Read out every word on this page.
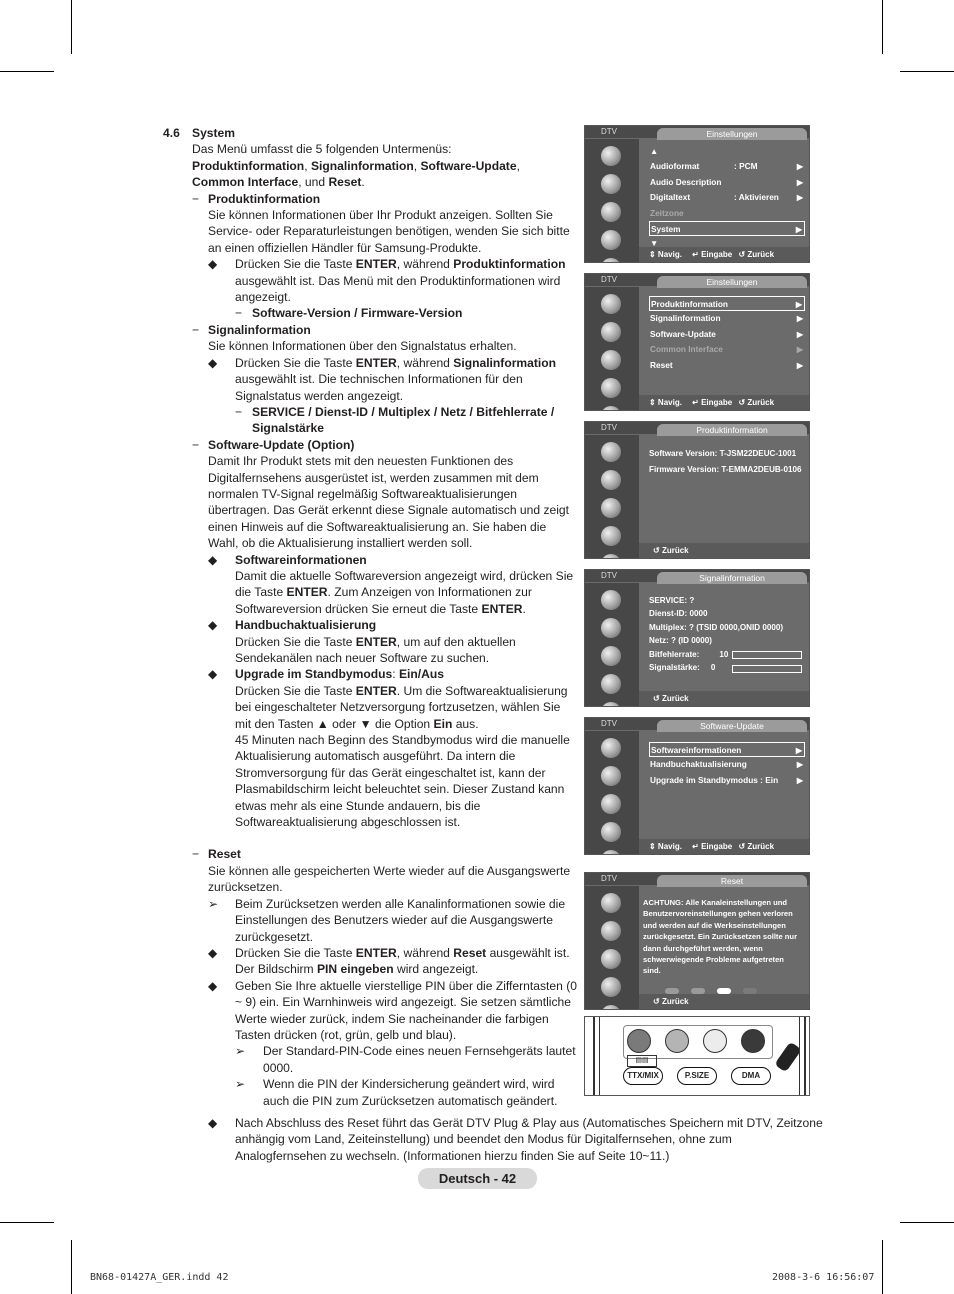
4.6 System

Das Menü umfasst die 5 folgenden Untermenüs:

Produktinformation, Signalinformation, Software-Update,

Common Interface, und Reset.

− Produktinformation
Sie können Informationen über Ihr Produkt anzeigen. Sollten Sie Service- oder Reparaturleistungen benötigen, wenden Sie sich bitte an einen offiziellen Händler für Samsung-Produkte.
◆ Drücken Sie die Taste ENTER, während Produktinformation ausgewählt ist. Das Menü mit den Produktinformationen wird angezeigt.
− Software-Version / Firmware-Version
− Signalinformation
Sie können Informationen über den Signalstatus erhalten.
◆ Drücken Sie die Taste ENTER, während Signalinformation ausgewählt ist. Die technischen Informationen für den Signalstatus werden angezeigt.
− SERVICE / Dienst-ID / Multiplex / Netz / Bitfehlerrate / Signalstärke
− Software-Update (Option)
Damit Ihr Produkt stets mit den neuesten Funktionen des Digitalfernsehens ausgerüstet ist, werden zusammen mit dem normalen TV-Signal regelmäßig Softwareaktualisierungen übertragen. Das Gerät erkennt diese Signale automatisch und zeigt einen Hinweis auf die Softwareaktualisierung an. Sie haben die Wahl, ob die Aktualisierung installiert werden soll.
◆ Softwareinformationen
Damit die aktuelle Softwareversion angezeigt wird, drücken Sie die Taste ENTER. Zum Anzeigen von Informationen zur Softwareversion drücken Sie erneut die Taste ENTER.
◆ Handbuchaktualisierung
Drücken Sie die Taste ENTER, um auf den aktuellen Sendekanälen nach neuer Software zu suchen.
◆ Upgrade im Standbymodus: Ein/Aus
Drücken Sie die Taste ENTER. Um die Softwareaktualisierung bei eingeschalteter Netzversorgung fortzusetzen, wählen Sie mit den Tasten ▲ oder ▼ die Option Ein aus.
45 Minuten nach Beginn des Standbymodus wird die manuelle Aktualisierung automatisch ausgeführt. Da intern die Stromversorgung für das Gerät eingeschaltet ist, kann der Plasmabildschirm leicht beleuchtet sein. Dieser Zustand kann etwas mehr als eine Stunde andauern, bis die Softwareaktualisierung abgeschlossen ist.
− Reset
Sie können alle gespeicherten Werte wieder auf die Ausgangswerte zurücksetzen.
➢ Beim Zurücksetzen werden alle Kanalinformationen sowie die Einstellungen des Benutzers wieder auf die Ausgangswerte zurückgesetzt.
◆ Drücken Sie die Taste ENTER, während Reset ausgewählt ist. Der Bildschirm PIN eingeben wird angezeigt.
◆ Geben Sie Ihre aktuelle vierstellige PIN über die Zifferntasten (0 ~ 9) ein. Ein Warnhinweis wird angezeigt. Sie setzen sämtliche Werte wieder zurück, indem Sie nacheinander die farbigen Tasten drücken (rot, grün, gelb und blau).
➢ Der Standard-PIN-Code eines neuen Fernsehgeräts lautet 0000.
➢ Wenn die PIN der Kindersicherung geändert wird, wird auch die PIN zum Zurücksetzen automatisch geändert.
◆ Nach Abschluss des Reset führt das Gerät DTV Plug & Play aus (Automatisches Speichern mit DTV, Zeitzone anhängig vom Land, Zeiteinstellung) und beendet den Modus für Digitalfernsehen, ohne zum Analogfernsehen zu wechseln. (Informationen hierzu finden Sie auf Seite 10~11.)
Deutsch - 42
BN68-01427A_GER.indd 42	2008-3-6 16:56:07
DTV	Einstellungen
⇕ Navig. ↵ Eingabe ↺ Zurück
▲
Audioformat	: PCM	▶
Audio Description	▶
Digitaltext	: Aktivieren ▶
Zeitzone
System	▶
▼
DTV	Einstellungen
⇕ Navig. ↵ Eingabe ↺ Zurück
Produktinformation	▶
Signalinformation	▶
Software-Update	▶
Common Interface	▶
Reset	▶
DTV	Produktinformation
↺ Zurück
Software Version: T-JSM22DEUC-1001
Firmware Version: T-EMMA2DEUB-0106
DTV	Signalinformation
↺ Zurück
SERVICE: ?
Dienst-ID: 0000
Multiplex: ? (TSID 0000,ONID 0000)
Netz: ? (ID 0000)
Bitfehlerrate: 10
Signalstärke: 0
DTV	Software-Update
⇕ Navig. ↵ Eingabe ↺ Zurück
Softwareinformationen	▶
Handbuchaktualisierung	▶
Upgrade im Standbymodus : Ein ▶
DTV	Reset
↺ Zurück
ACHTUNG: Alle Kanaleinstellungen und Benutzervoreinstellungen gehen verloren und werden auf die Werkseinstellungen zurückgesetzt. Ein Zurücksetzen sollte nur dann durchgeführt werden, wenn schwerwiegende Probleme aufgetreten sind.
▤▤
TTX/MIX	P.SIZE	DMA
